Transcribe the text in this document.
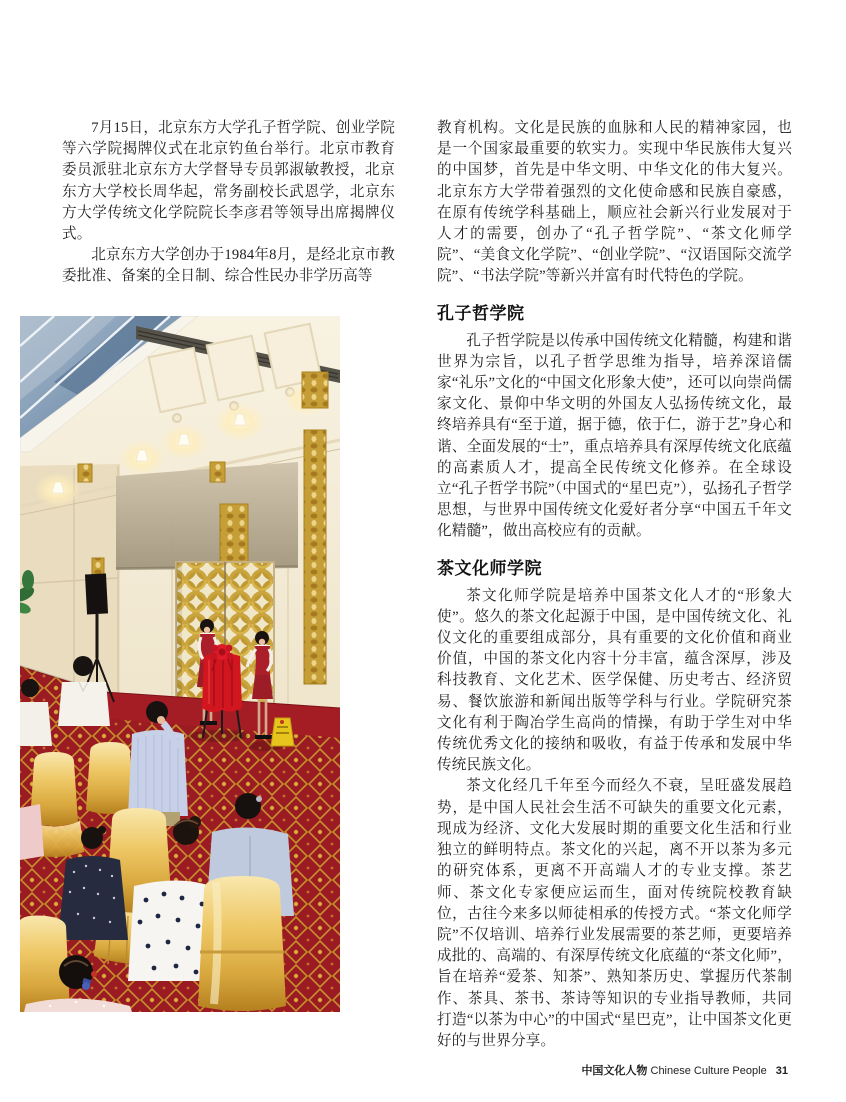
7月15日，北京东方大学孔子哲学院、创业学院等六学院揭牌仪式在北京钓鱼台举行。北京市教育委员派驻北京东方大学督导专员郭淑敏教授，北京东方大学校长周华起，常务副校长武恩学，北京东方大学传统文化学院院长李彦君等领导出席揭牌仪式。

北京东方大学创办于1984年8月，是经北京市教委批准、备案的全日制、综合性民办非学历高等

教育机构。文化是民族的血脉和人民的精神家园，也是一个国家最重要的软实力。实现中华民族伟大复兴的中国梦，首先是中华文明、中华文化的伟大复兴。北京东方大学带着强烈的文化使命感和民族自豪感，在原有传统学科基础上，顺应社会新兴行业发展对于人才的需要，创办了“孔子哲学院”、“茶文化师学院”、“美食文化学院”、“创业学院”、“汉语国际交流学院”、“书法学院”等新兴并富有时代特色的学院。

孔子哲学院

孔子哲学院是以传承中国传统文化精髓，构建和谐世界为宗旨，以孔子哲学思维为指导，培养深谙儒家“礼乐”文化的“中国文化形象大使”，还可以向崇尚儒家文化、景仰中华文明的外国友人弘扬传统文化，最终培养具有“至于道，据于德，依于仁，游于艺”身心和谐、全面发展的“士”，重点培养具有深厚传统文化底蕴的高素质人才，提高全民传统文化修养。在全球设立“孔子哲学书院”（中国式的“星巴克”），弘扬孔子哲学思想，与世界中国传统文化爱好者分享“中国五千年文化精髓”，做出高校应有的贡献。

茶文化师学院

茶文化师学院是培养中国茶文化人才的“形象大使”。悠久的茶文化起源于中国，是中国传统文化、礼仪文化的重要组成部分，具有重要的文化价值和商业价值，中国的茶文化内容十分丰富，蕴含深厚，涉及科技教育、文化艺术、医学保健、历史考古、经济贸易、餐饮旅游和新闻出版等学科与行业。学院研究茶文化有利于陶冶学生高尚的情操，有助于学生对中华传统优秀文化的接纳和吸收，有益于传承和发展中华传统民族文化。

茶文化经几千年至今而经久不衰，呈旺盛发展趋势，是中国人民社会生活不可缺失的重要文化元素，现成为经济、文化大发展时期的重要文化生活和行业独立的鲜明特点。茶文化的兴起，离不开以茶为多元的研究体系，更离不开高端人才的专业支撑。茶艺师、茶文化专家便应运而生，面对传统院校教育缺位，古往今来多以师徒相承的传授方式。“茶文化师学院”不仅培训、培养行业发展需要的茶艺师，更要培养成批的、高端的、有深厚传统文化底蕴的“茶文化师”，旨在培养“爱茶、知茶”、熟知茶历史、掌握历代茶制作、茶具、茶书、茶诗等知识的专业指导教师，共同打造“以茶为中心”的中国式“星巴克”，让中国茶文化更好的与世界分享。

中国文化人物 Chinese Culture People 31
